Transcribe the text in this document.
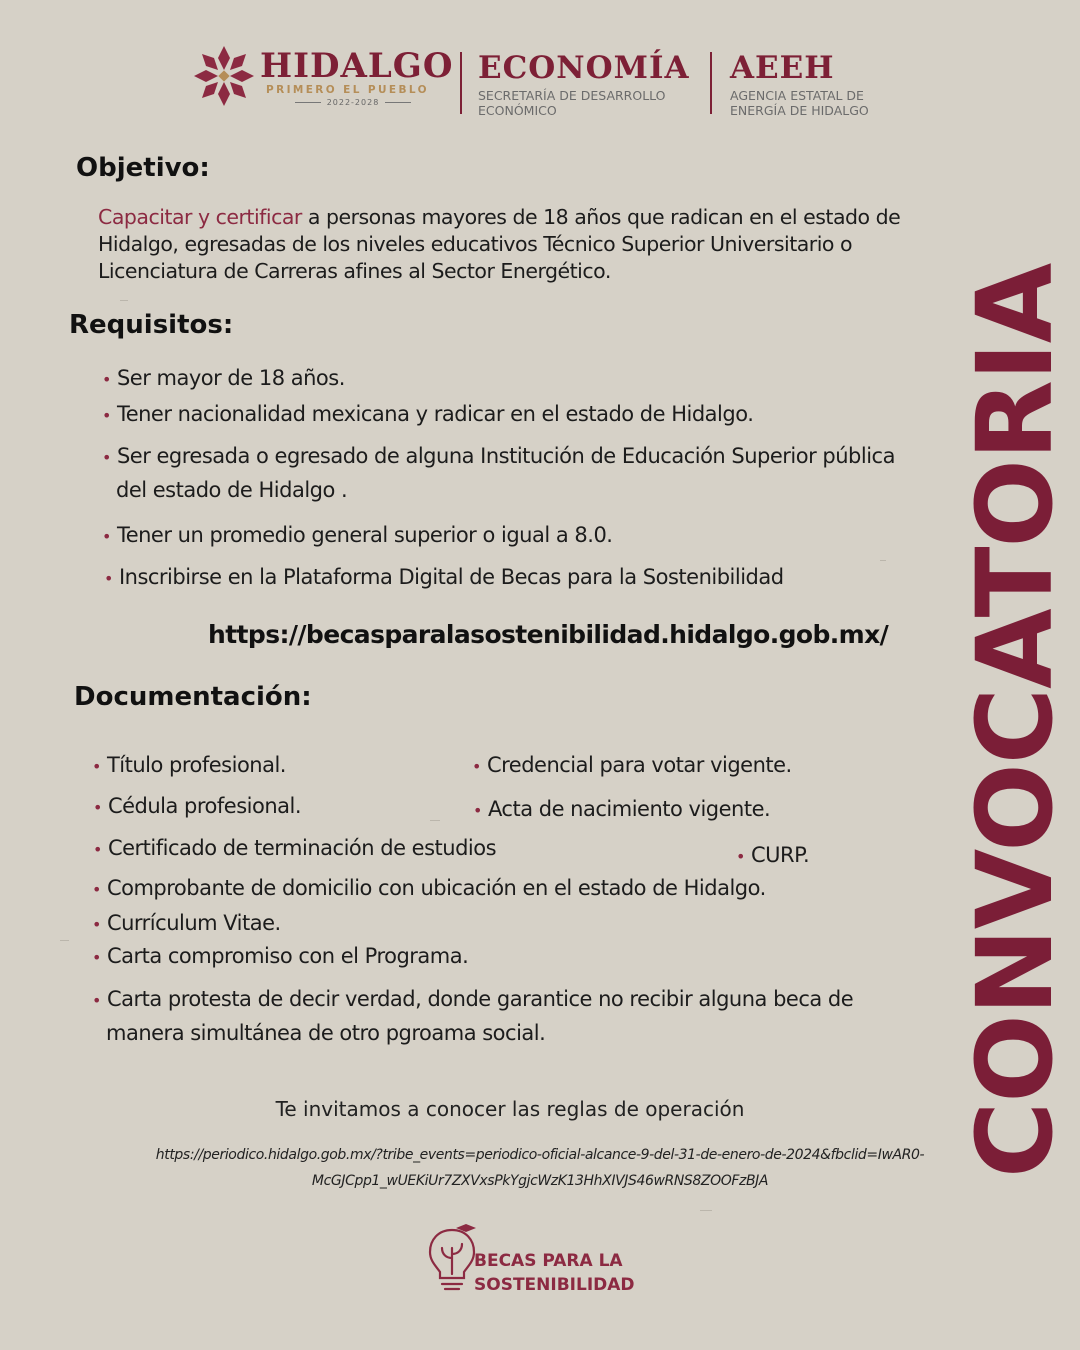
HIDALGO
PRIMERO EL PUEBLO
2022-2028
ECONOMÍA
SECRETARÍA DE DESARROLLO
ECONÓMICO
AEEH
AGENCIA ESTATAL DE
ENERGÍA DE HIDALGO
CONVOCATORIA
Objetivo:
Capacitar y certificar a personas mayores de 18 años que radican en el estado de Hidalgo, egresadas de los niveles educativos Técnico Superior Universitario o Licenciatura de Carreras afines al Sector Energético.
Requisitos:
• Ser mayor de 18 años.
• Tener nacionalidad mexicana y radicar en el estado de Hidalgo.
• Ser egresada o egresado de alguna Institución de Educación Superior pública del estado de Hidalgo .
• Tener un promedio general superior o igual a 8.0.
• Inscribirse en la Plataforma Digital de Becas para la Sostenibilidad
https://becasparalasostenibilidad.hidalgo.gob.mx/
Documentación:
• Título profesional.	• Credencial para votar vigente.
• Cédula profesional.	• Acta de nacimiento vigente.
• Certificado de terminación de estudios	• CURP.
• Comprobante de domicilio con ubicación en el estado de Hidalgo.
• Currículum Vitae.
• Carta compromiso con el Programa.
• Carta protesta de decir verdad, donde garantice no recibir alguna beca de manera simultánea de otro pgroama social.
Te invitamos a conocer las reglas de operación
https://periodico.hidalgo.gob.mx/?tribe_events=periodico-oficial-alcance-9-del-31-de-enero-de-2024&fbclid=IwAR0-McGJCpp1_wUEKiUr7ZXVxsPkYgjcWzK13HhXIVJS46wRNS8ZOOFzBJA
BECAS PARA LA
SOSTENIBILIDAD
